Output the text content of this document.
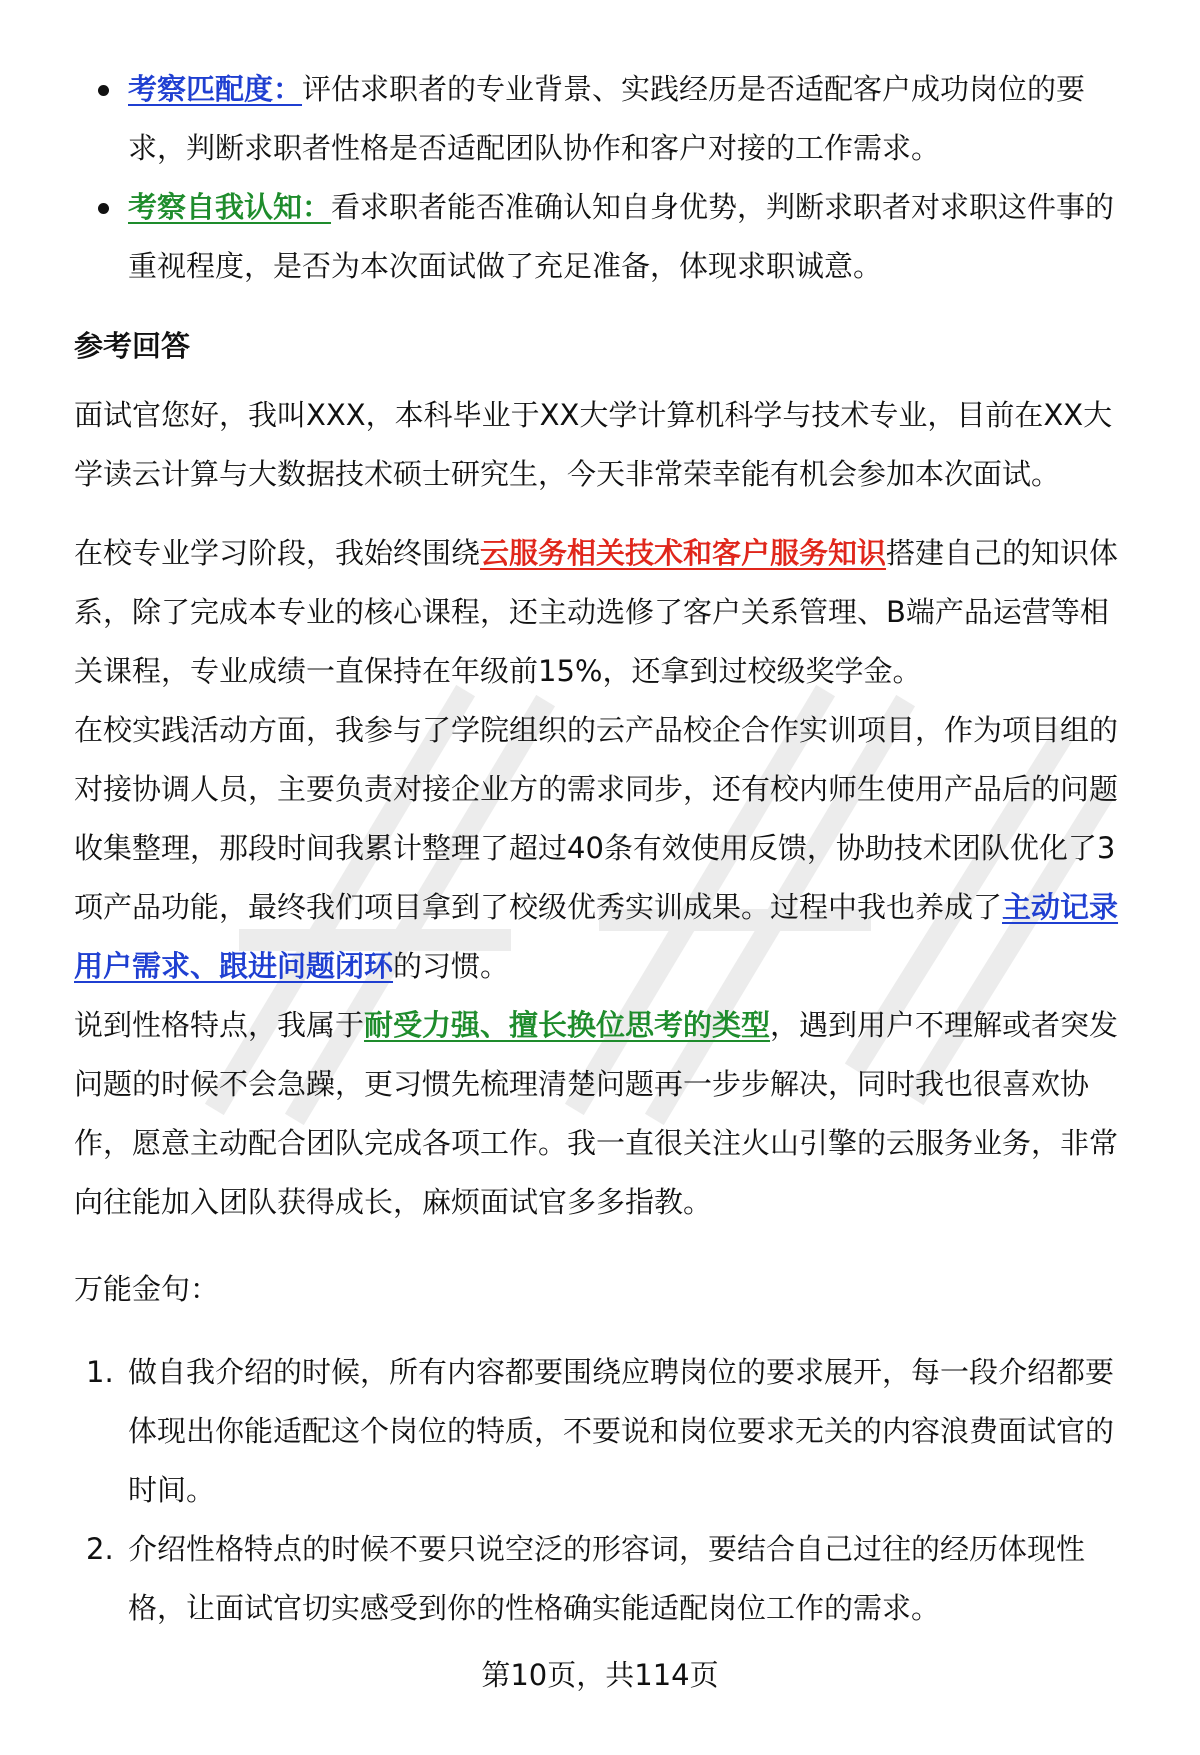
考察匹配度：评估求职者的专业背景、实践经历是否适配客户成功岗位的要求，判断求职者性格是否适配团队协作和客户对接的工作需求。
考察自我认知：看求职者能否准确认知自身优势，判断求职者对求职这件事的重视程度，是否为本次面试做了充足准备，体现求职诚意。
参考回答

面试官您好，我叫XXX，本科毕业于XX大学计算机科学与技术专业，目前在XX大学读云计算与大数据技术硕士研究生，今天非常荣幸能有机会参加本次面试。

在校专业学习阶段，我始终围绕云服务相关技术和客户服务知识搭建自己的知识体系，除了完成本专业的核心课程，还主动选修了客户关系管理、B端产品运营等相关课程，专业成绩一直保持在年级前15%，还拿到过校级奖学金。

在校实践活动方面，我参与了学院组织的云产品校企合作实训项目，作为项目组的对接协调人员，主要负责对接企业方的需求同步，还有校内师生使用产品后的问题收集整理，那段时间我累计整理了超过40条有效使用反馈，协助技术团队优化了3项产品功能，最终我们项目拿到了校级优秀实训成果。过程中我也养成了主动记录用户需求、跟进问题闭环的习惯。

说到性格特点，我属于耐受力强、擅长换位思考的类型，遇到用户不理解或者突发问题的时候不会急躁，更习惯先梳理清楚问题再一步步解决，同时我也很喜欢协作，愿意主动配合团队完成各项工作。我一直很关注火山引擎的云服务业务，非常向往能加入团队获得成长，麻烦面试官多多指教。

万能金句：

1. 做自我介绍的时候，所有内容都要围绕应聘岗位的要求展开，每一段介绍都要体现出你能适配这个岗位的特质，不要说和岗位要求无关的内容浪费面试官的时间。
2. 介绍性格特点的时候不要只说空泛的形容词，要结合自己过往的经历体现性格，让面试官切实感受到你的性格确实能适配岗位工作的需求。
第10页，共114页
